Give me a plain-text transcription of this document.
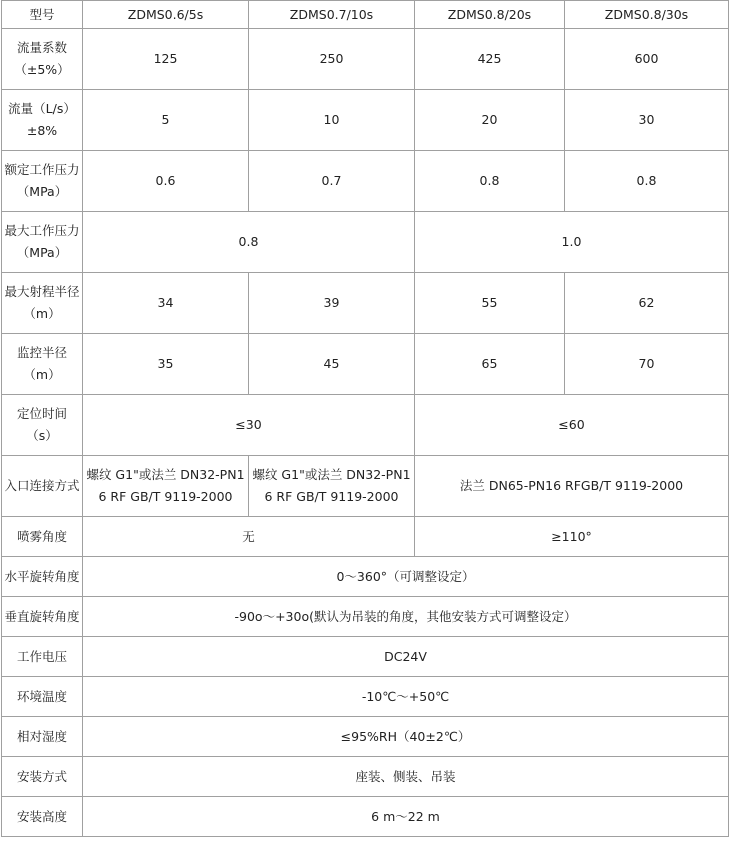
型号	ZDMS0.6/5s	ZDMS0.7/10s	ZDMS0.8/20s	ZDMS0.8/30s
流量系数
（±5%）	125	250	425	600
流量（L/s）
±8%	5	10	20	30
额定工作压力
（MPa）	0.6	0.7	0.8	0.8
最大工作压力
（MPa）	0.8		1.0	
最大射程半径
（m）	34	39	55	62
监控半径
（m）	35	45	65	70
定位时间
（s）	≤30		≤60	
入口连接方式	螺纹 G1"或法兰 DN32-PN16 RF GB/T 9119-2000	螺纹 G1"或法兰 DN32-PN16 RF GB/T 9119-2000	法兰 DN65-PN16 RFGB/T 9119-2000	
喷雾角度	无		≥110°	
水平旋转角度	0～360°（可调整设定）			
垂直旋转角度	-90o～+30o(默认为吊装的角度，其他安装方式可调整设定）			
工作电压	DC24V			
环境温度	-10℃～+50℃			
相对湿度	≤95%RH（40±2℃）			
安装方式	座装、侧装、吊装			
安装高度	6 m～22 m			
